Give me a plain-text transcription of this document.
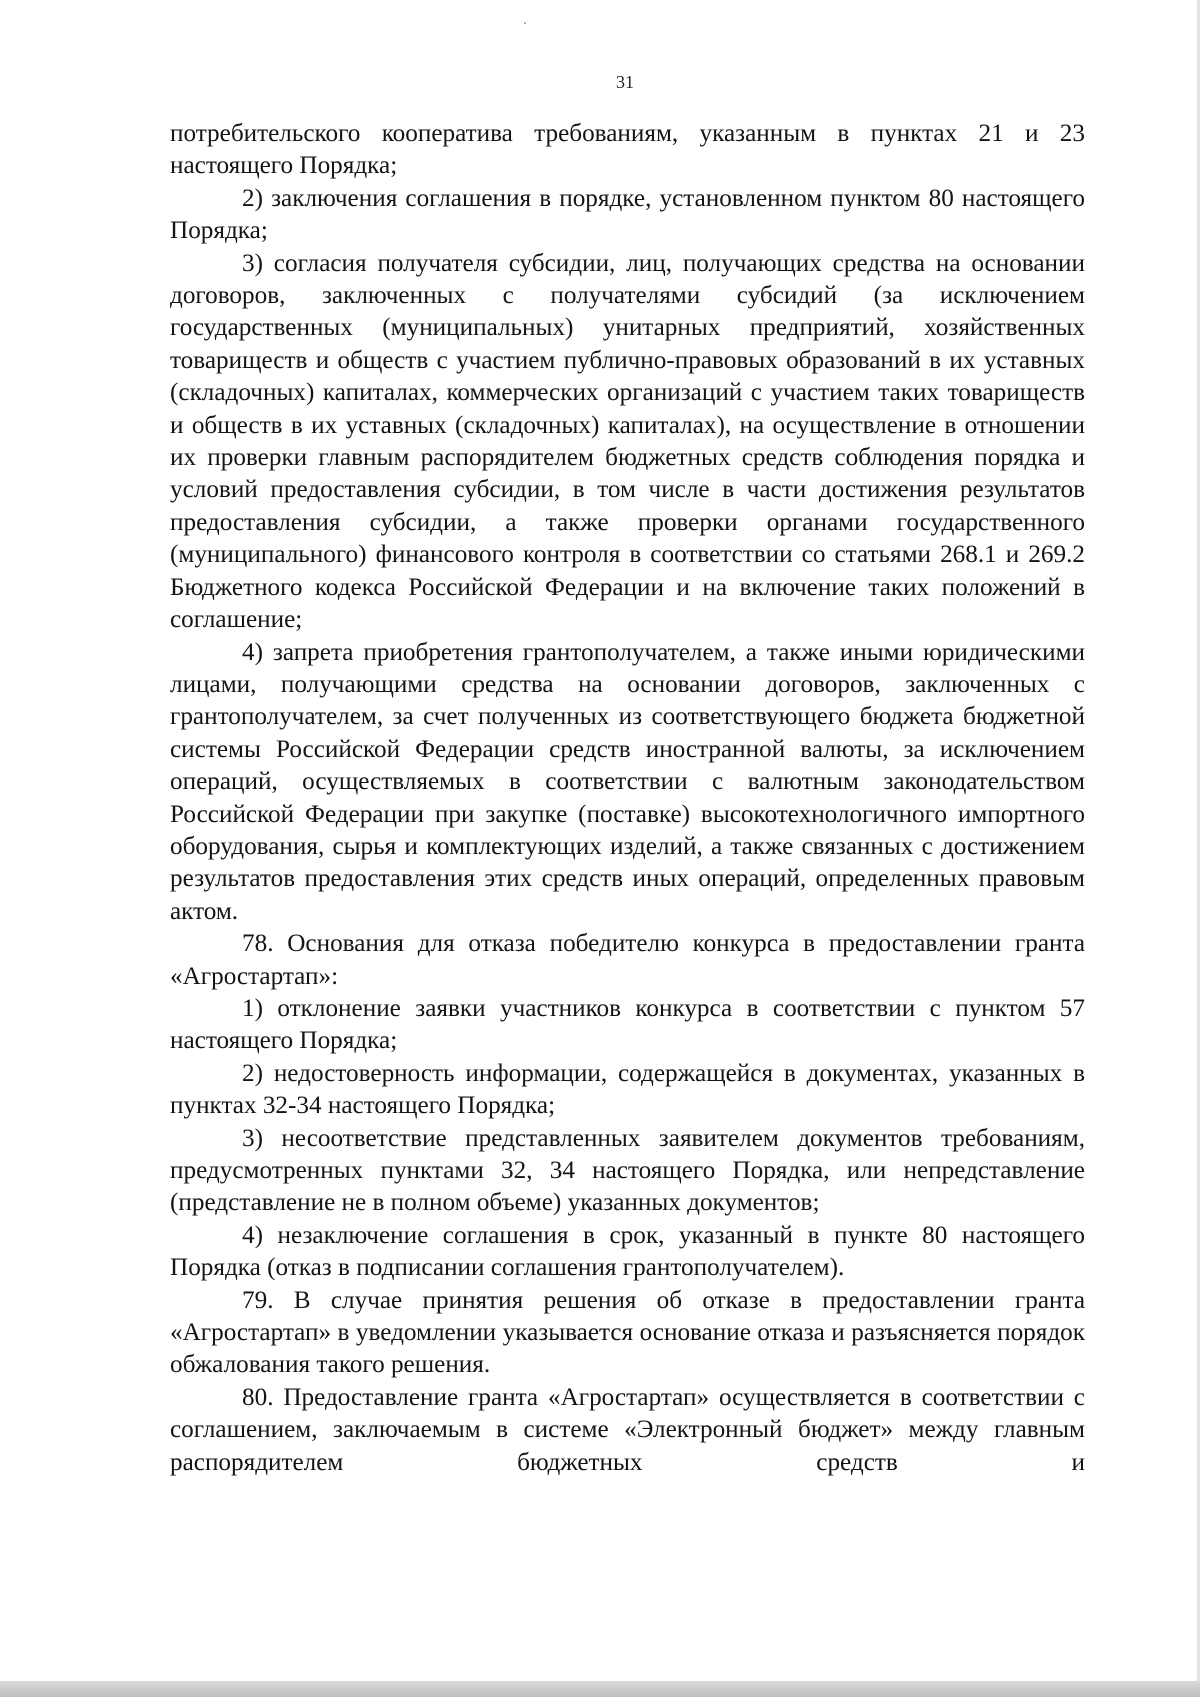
31

потребительского кооператива требованиям, указанным в пунктах 21 и 23 настоящего Порядка;

2) заключения соглашения в порядке, установленном пунктом 80 настоящего Порядка;

3) согласия получателя субсидии, лиц, получающих средства на основании договоров, заключенных с получателями субсидий (за исключением государственных (муниципальных) унитарных предприятий, хозяйственных товариществ и обществ с участием публично-правовых образований в их уставных (складочных) капиталах, коммерческих организаций с участием таких товариществ и обществ в их уставных (складочных) капиталах), на осуществление в отношении их проверки главным распорядителем бюджетных средств соблюдения порядка и условий предоставления субсидии, в том числе в части достижения результатов предоставления субсидии, а также проверки органами государственного (муниципального) финансового контроля в соответствии со статьями 268.1 и 269.2 Бюджетного кодекса Российской Федерации и на включение таких положений в соглашение;

4) запрета приобретения грантополучателем, а также иными юридическими лицами, получающими средства на основании договоров, заключенных с грантополучателем, за счет полученных из соответствующего бюджета бюджетной системы Российской Федерации средств иностранной валюты, за исключением операций, осуществляемых в соответствии с валютным законодательством Российской Федерации при закупке (поставке) высокотехнологичного импортного оборудования, сырья и комплектующих изделий, а также связанных с достижением результатов предоставления этих средств иных операций, определенных правовым актом.

78. Основания для отказа победителю конкурса в предоставлении гранта «Агростартап»:

1) отклонение заявки участников конкурса в соответствии с пунктом 57 настоящего Порядка;

2) недостоверность информации, содержащейся в документах, указанных в пунктах 32-34 настоящего Порядка;

3) несоответствие представленных заявителем документов требованиям, предусмотренных пунктами 32, 34 настоящего Порядка, или непредставление (представление не в полном объеме) указанных документов;

4) незаключение соглашения в срок, указанный в пункте 80 настоящего Порядка (отказ в подписании соглашения грантополучателем).

79. В случае принятия решения об отказе в предоставлении гранта «Агростартап» в уведомлении указывается основание отказа и разъясняется порядок обжалования такого решения.

80. Предоставление гранта «Агростартап» осуществляется в соответствии с соглашением, заключаемым в системе «Электронный бюджет» между главным распорядителем бюджетных средств и
